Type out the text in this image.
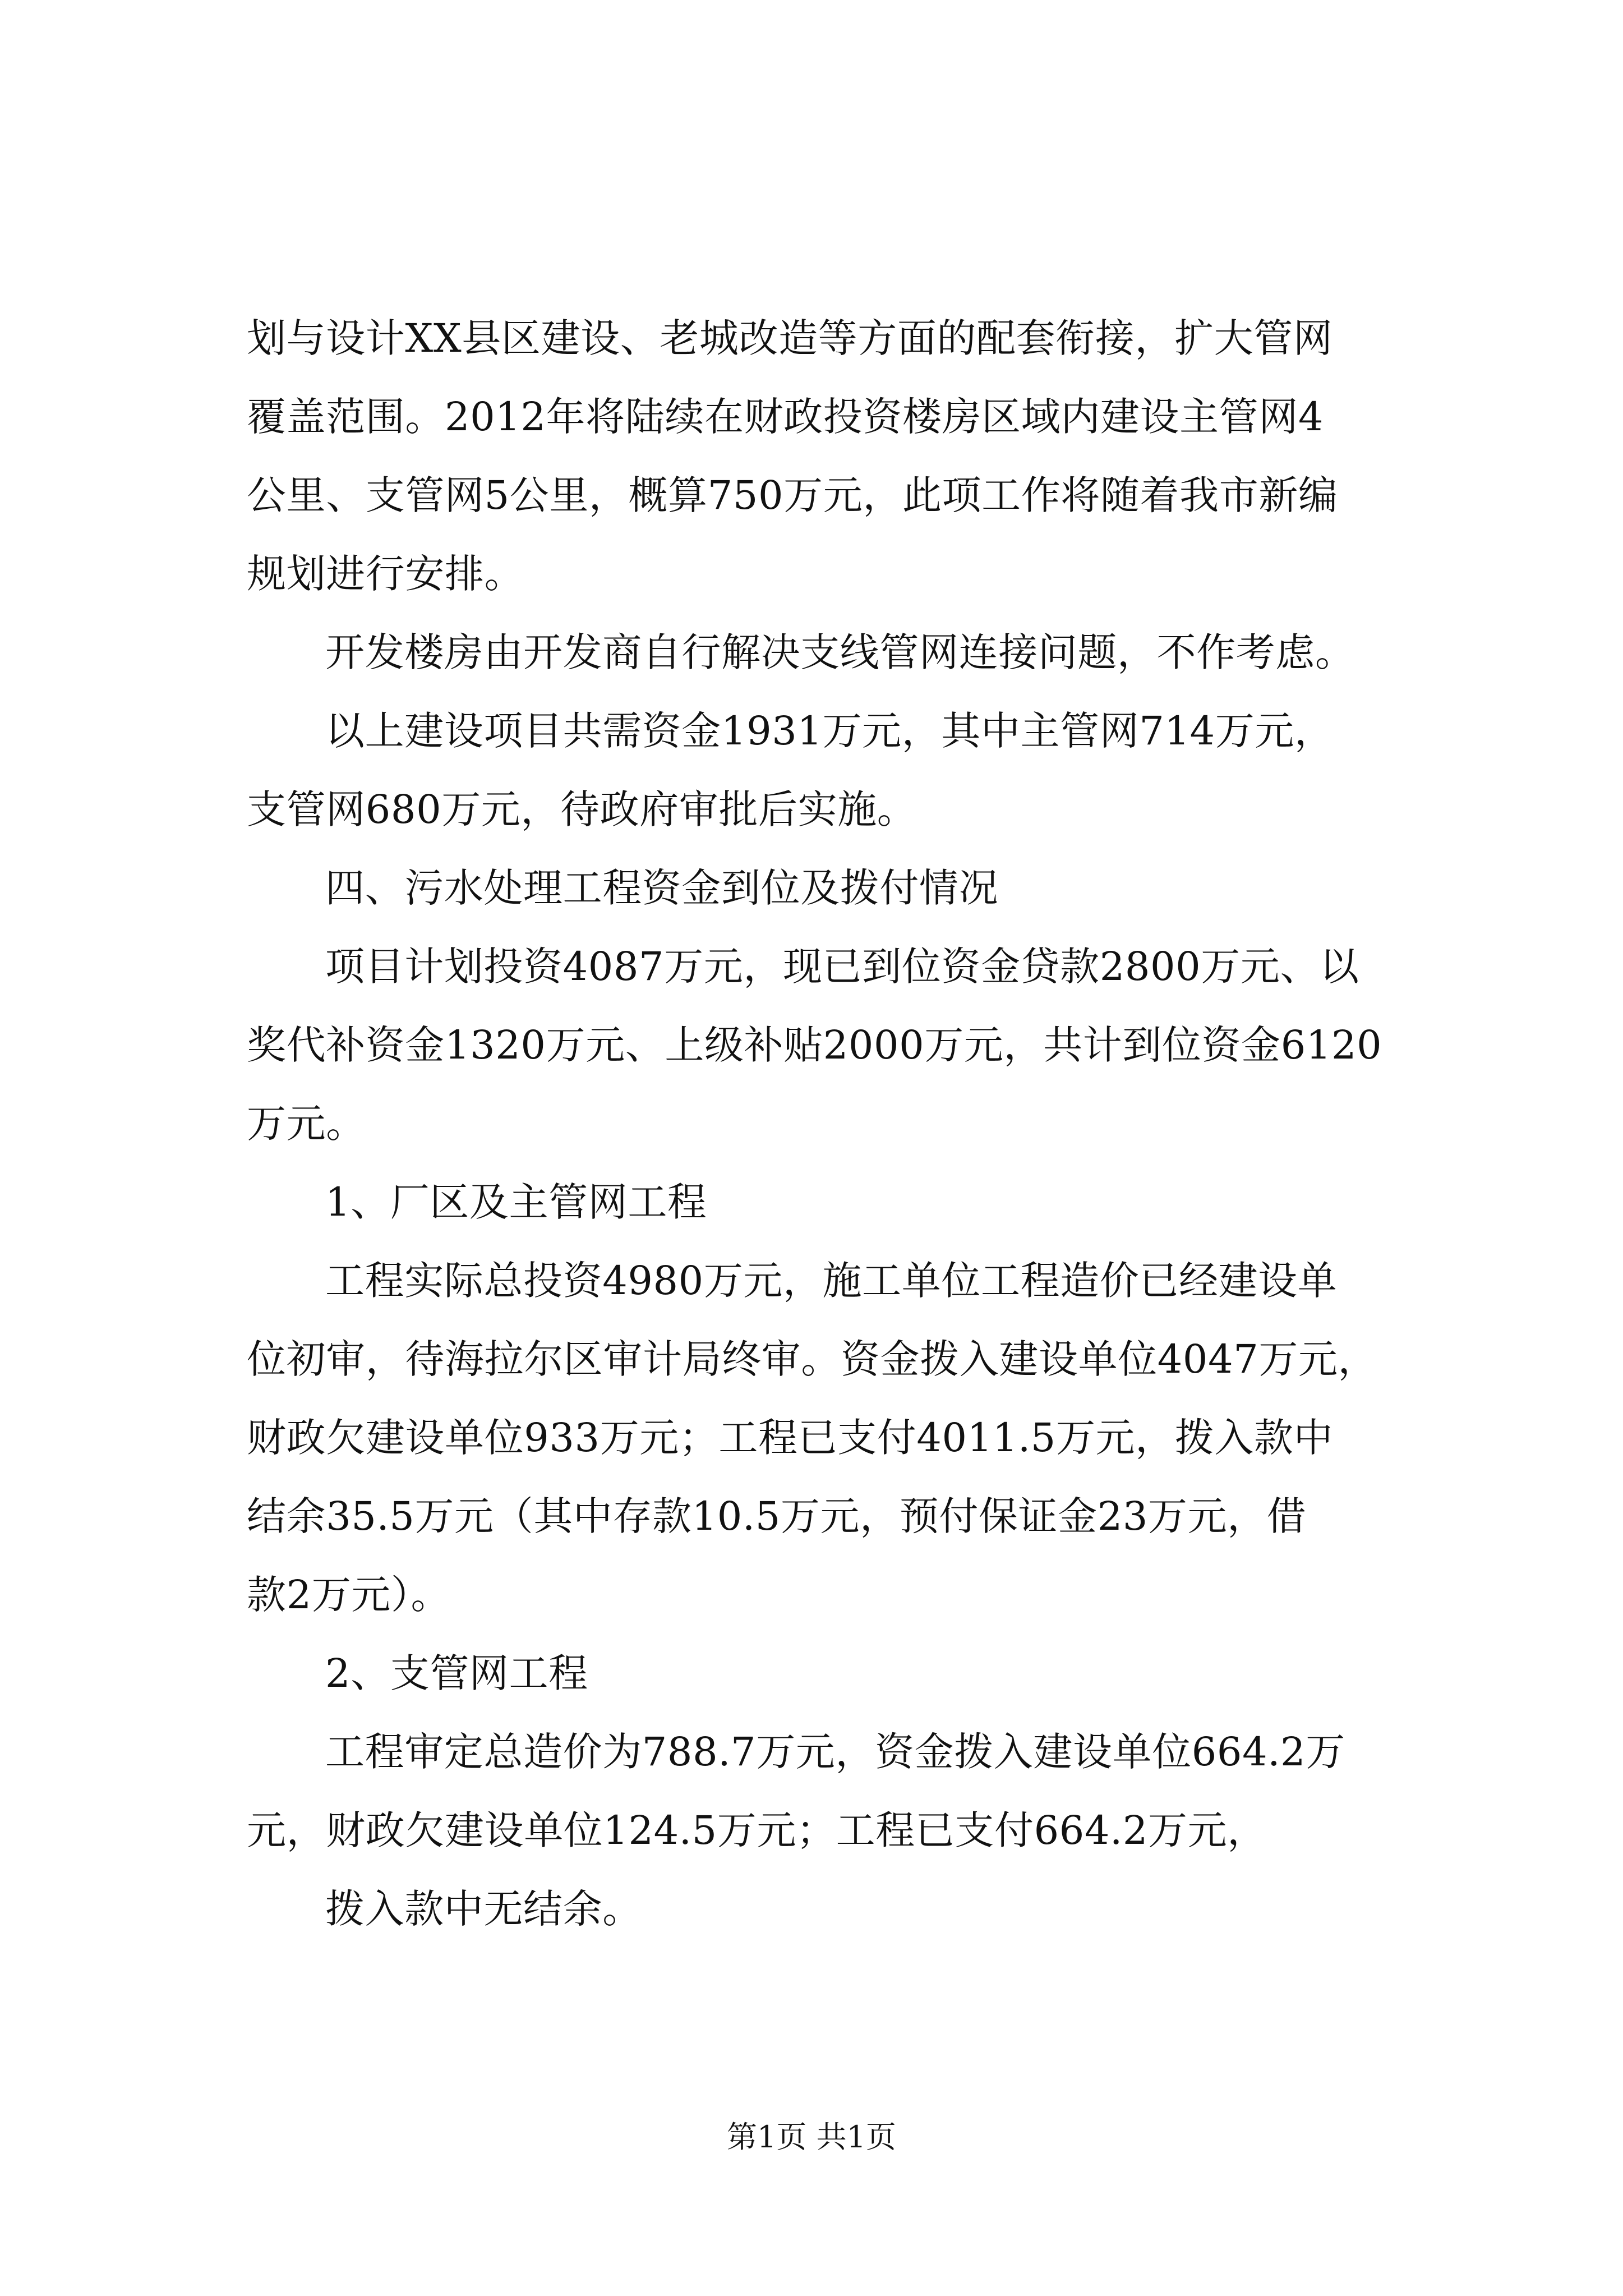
划与设计XX县区建设、老城改造等方面的配套衔接，扩大管网

覆盖范围。2012年将陆续在财政投资楼房区域内建设主管网4

公里、支管网5公里，概算750万元，此项工作将随着我市新编

规划进行安排。

开发楼房由开发商自行解决支线管网连接问题，不作考虑。

以上建设项目共需资金1931万元，其中主管网714万元，

支管网680万元，待政府审批后实施。

四、污水处理工程资金到位及拨付情况

项目计划投资4087万元，现已到位资金贷款2800万元、以

奖代补资金1320万元、上级补贴2000万元，共计到位资金6120

万元。

1、厂区及主管网工程

工程实际总投资4980万元，施工单位工程造价已经建设单

位初审，待海拉尔区审计局终审。资金拨入建设单位4047万元，

财政欠建设单位933万元；工程已支付4011.5万元，拨入款中

结余35.5万元（其中存款10.5万元，预付保证金23万元，借

款2万元）。

2、支管网工程

工程审定总造价为788.7万元，资金拨入建设单位664.2万

元，财政欠建设单位124.5万元；工程已支付664.2万元，

拨入款中无结余。

第1页 共1页
